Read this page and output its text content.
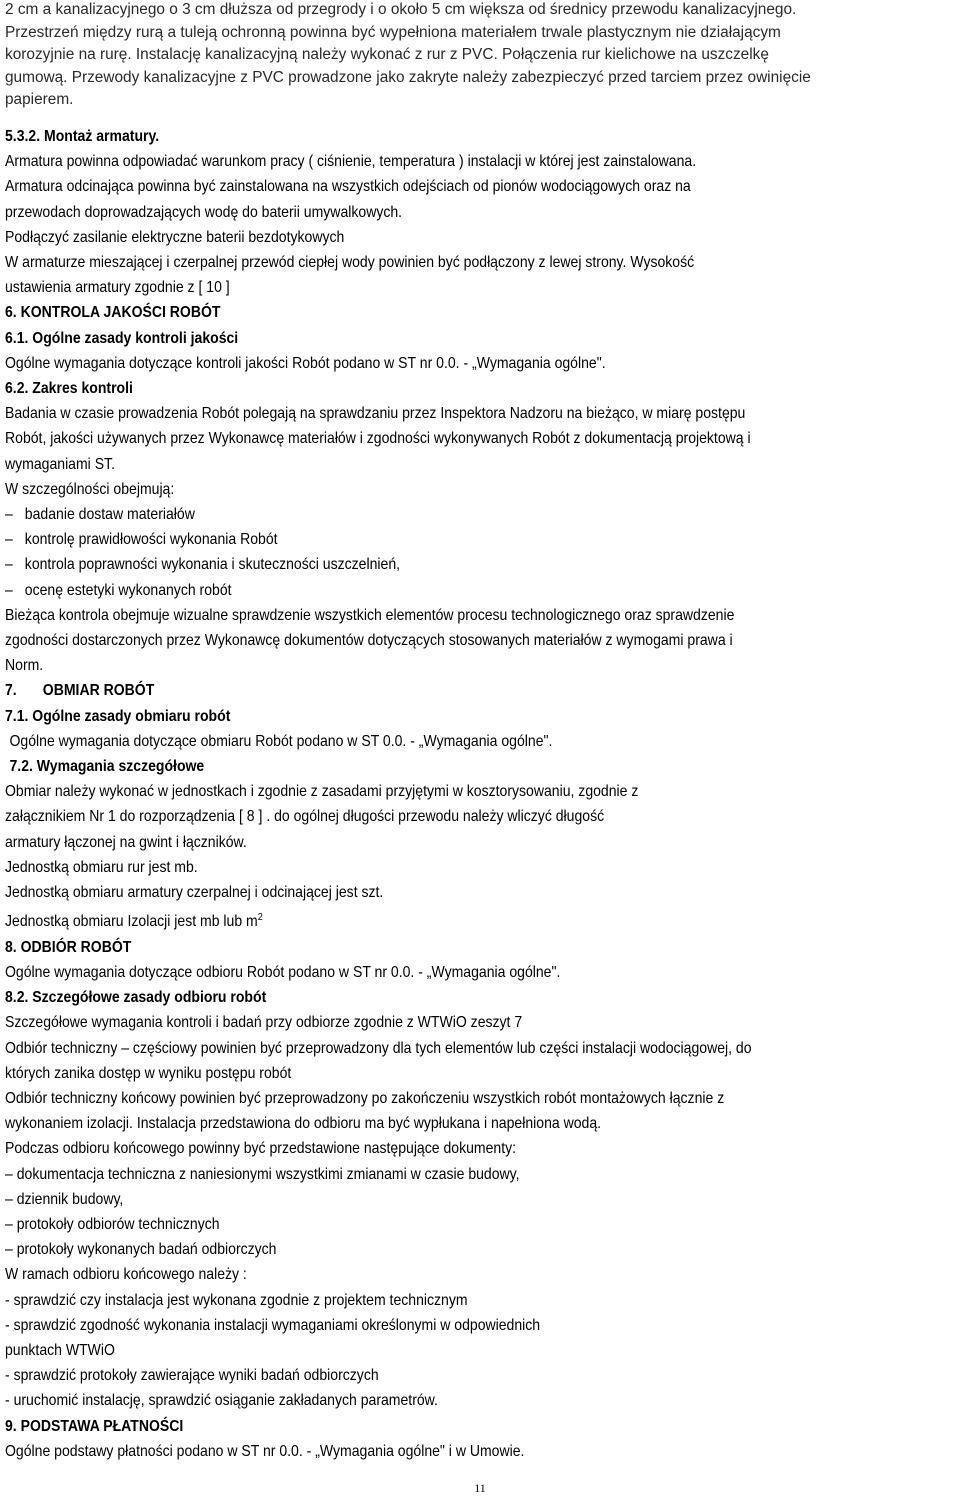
2 cm a kanalizacyjnego o 3 cm dłuższa od przegrody i o około 5 cm większa od średnicy przewodu kanalizacyjnego.

Przestrzeń między rurą a tuleją ochronną powinna być wypełniona materiałem trwale plastycznym nie działającym

korozyjnie na rurę. Instalację kanalizacyjną należy wykonać z rur z PVC. Połączenia rur kielichowe na uszczelkę

gumową. Przewody kanalizacyjne z PVC prowadzone jako zakryte należy zabezpieczyć przed tarciem przez owinięcie

papierem.

5.3.2. Montaż armatury.

Armatura powinna odpowiadać warunkom pracy ( ciśnienie, temperatura ) instalacji w której jest zainstalowana.

Armatura odcinająca powinna być zainstalowana na wszystkich odejściach od pionów wodociągowych oraz na

przewodach doprowadzających wodę do baterii umywalkowych.

Podłączyć zasilanie elektryczne baterii bezdotykowych

W armaturze mieszającej i czerpalnej przewód ciepłej wody powinien być podłączony z lewej strony. Wysokość

ustawienia armatury zgodnie z [ 10 ]

6. KONTROLA JAKOŚCI ROBÓT

6.1. Ogólne zasady kontroli jakości

Ogólne wymagania dotyczące kontroli jakości Robót podano w ST nr 0.0. - „Wymagania ogólne".

6.2. Zakres kontroli

Badania w czasie prowadzenia Robót polegają na sprawdzaniu przez Inspektora Nadzoru na bieżąco, w miarę postępu

Robót, jakości używanych przez Wykonawcę materiałów i zgodności wykonywanych Robót z dokumentacją projektową i

wymaganiami ST.

W szczególności obejmują:

– badanie dostaw materiałów

– kontrolę prawidłowości wykonania Robót

– kontrola poprawności wykonania i skuteczności uszczelnień,

– ocenę estetyki wykonanych robót

Bieżąca kontrola obejmuje wizualne sprawdzenie wszystkich elementów procesu technologicznego oraz sprawdzenie

zgodności dostarczonych przez Wykonawcę dokumentów dotyczących stosowanych materiałów z wymogami prawa i

Norm.

7. OBMIAR ROBÓT

7.1. Ogólne zasady obmiaru robót

Ogólne wymagania dotyczące obmiaru Robót podano w ST 0.0. - „Wymagania ogólne".

7.2. Wymagania szczegółowe

Obmiar należy wykonać w jednostkach i zgodnie z zasadami przyjętymi w kosztorysowaniu, zgodnie z

załącznikiem Nr 1 do rozporządzenia [ 8 ] . do ogólnej długości przewodu należy wliczyć długość

armatury łączonej na gwint i łączników.

Jednostką obmiaru rur jest mb.

Jednostką obmiaru armatury czerpalnej i odcinającej jest szt.

Jednostką obmiaru Izolacji jest mb lub $m^2$

8. ODBIÓR ROBÓT

Ogólne wymagania dotyczące odbioru Robót podano w ST nr 0.0. - „Wymagania ogólne".

8.2. Szczegółowe zasady odbioru robót

Szczegółowe wymagania kontroli i badań przy odbiorze zgodnie z WTWiO zeszyt 7

Odbiór techniczny – częściowy powinien być przeprowadzony dla tych elementów lub części instalacji wodociągowej, do

których zanika dostęp w wyniku postępu robót

Odbiór techniczny końcowy powinien być przeprowadzony po zakończeniu wszystkich robót montażowych łącznie z

wykonaniem izolacji. Instalacja przedstawiona do odbioru ma być wypłukana i napełniona wodą.

Podczas odbioru końcowego powinny być przedstawione następujące dokumenty:

– dokumentacja techniczna z naniesionymi wszystkimi zmianami w czasie budowy,

– dziennik budowy,

– protokoły odbiorów technicznych

– protokoły wykonanych badań odbiorczych

W ramach odbioru końcowego należy :

- sprawdzić czy instalacja jest wykonana zgodnie z projektem technicznym

- sprawdzić zgodność wykonania instalacji wymaganiami określonymi w odpowiednich

punktach WTWiO

- sprawdzić protokoły zawierające wyniki badań odbiorczych

- uruchomić instalację, sprawdzić osiąganie zakładanych parametrów.

9. PODSTAWA PŁATNOŚCI

Ogólne podstawy płatności podano w ST nr 0.0. - „Wymagania ogólne" i w Umowie.

11
